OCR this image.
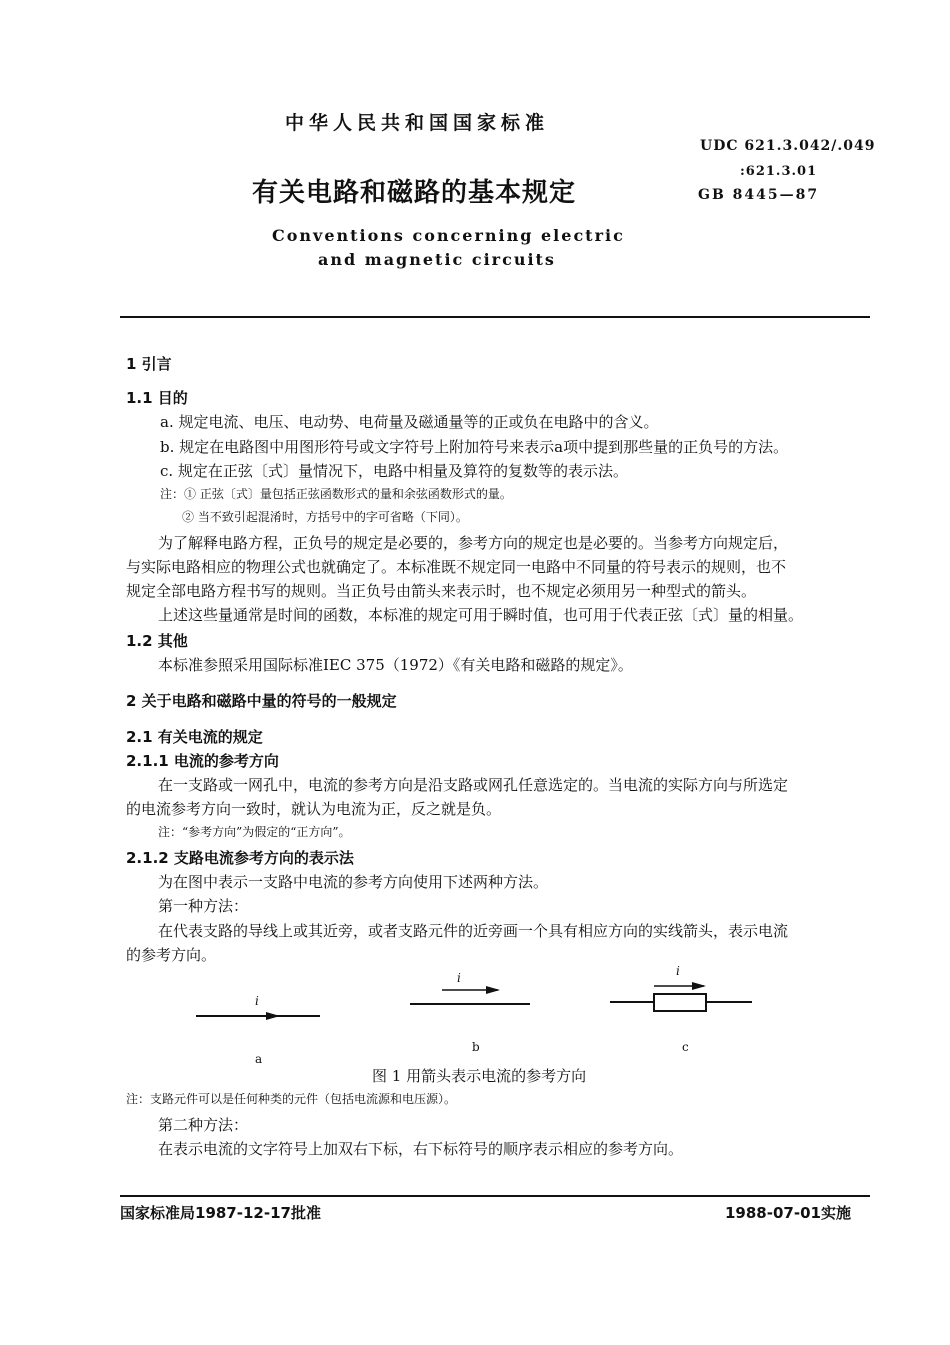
中华人民共和国国家标准
UDC 621.3.042/.049
:621.3.01
GB 8445—87
有关电路和磁路的基本规定
Conventions concerning electric
and magnetic circuits
1 引言
1.1 目的
a. 规定电流、电压、电动势、电荷量及磁通量等的正或负在电路中的含义。
b. 规定在电路图中用图形符号或文字符号上附加符号来表示a项中提到那些量的正负号的方法。
c. 规定在正弦〔式〕量情况下，电路中相量及算符的复数等的表示法。
注：① 正弦〔式〕量包括正弦函数形式的量和余弦函数形式的量。
② 当不致引起混淆时，方括号中的字可省略（下同）。
为了解释电路方程，正负号的规定是必要的，参考方向的规定也是必要的。当参考方向规定后，
与实际电路相应的物理公式也就确定了。本标准既不规定同一电路中不同量的符号表示的规则，也不
规定全部电路方程书写的规则。当正负号由箭头来表示时，也不规定必须用另一种型式的箭头。
上述这些量通常是时间的函数，本标准的规定可用于瞬时值，也可用于代表正弦〔式〕量的相量。
1.2 其他
本标准参照采用国际标准IEC 375（1972）《有关电路和磁路的规定》。
2 关于电路和磁路中量的符号的一般规定
2.1 有关电流的规定
2.1.1 电流的参考方向
在一支路或一网孔中，电流的参考方向是沿支路或网孔任意选定的。当电流的实际方向与所选定
的电流参考方向一致时，就认为电流为正，反之就是负。
注：“参考方向”为假定的“正方向”。
2.1.2 支路电流参考方向的表示法
为在图中表示一支路中电流的参考方向使用下述两种方法。
第一种方法：
在代表支路的导线上或其近旁，或者支路元件的近旁画一个具有相应方向的实线箭头，表示电流
的参考方向。
i
i	i
a
b	c
图 1 用箭头表示电流的参考方向
注：支路元件可以是任何种类的元件（包括电流源和电压源）。
第二种方法：
在表示电流的文字符号上加双右下标，右下标符号的顺序表示相应的参考方向。
国家标准局1987-12-17批准	1988-07-01实施
